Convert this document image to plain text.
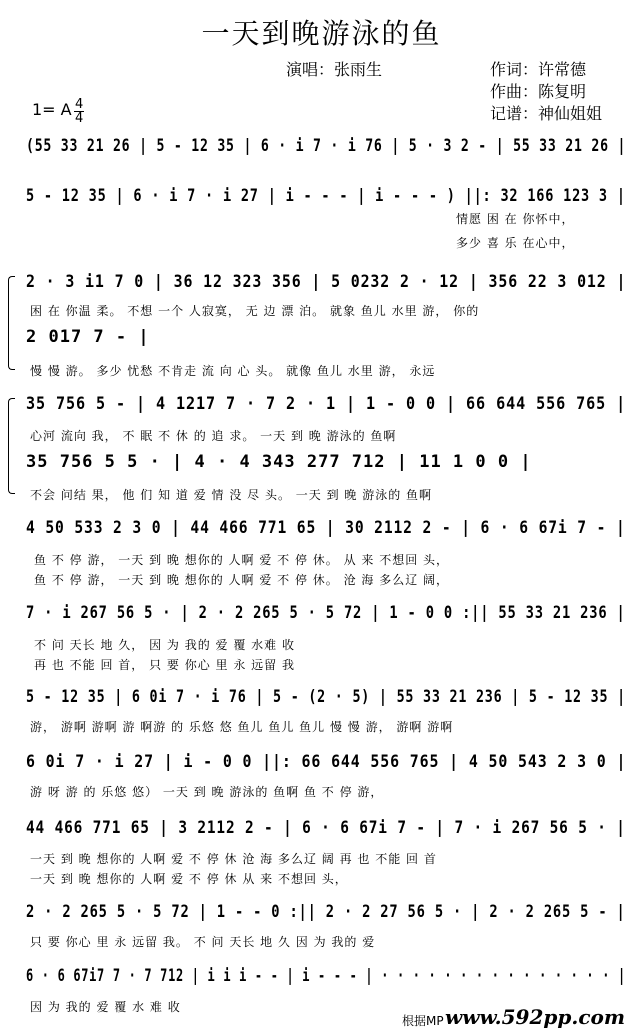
一天到晚游泳的鱼
演唱：张雨生	作词：许常德
作曲：陈复明
记谱：神仙姐姐
1= A 4
4
(55 33 21 26 | 5 - 12 35 | 6 · i 7 · i 76 | 5 · 3 2 - | 55 33 21 26 |
5 - 12 35 | 6 · i 7 · i 27 | i - - - | i - - - ) ||: 32 166 123 3 |
情愿 困 在 你怀中，
多少 喜 乐 在心中，
2 · 3 i1 7 0 | 36 12 323 356 | 5 0232 2 · 12 | 356 22 3 012 |
困 在 你温 柔。 不想 一个 人寂寞， 无 边 漂 泊。 就象 鱼儿 水里 游， 你的
2 017 7 - |
慢 慢 游。 多少 忧愁 不肯走 流 向 心 头。 就像 鱼儿 水里 游， 永远
35 756 5 - | 4 1217 7 · 7 2 · 1 | 1 - 0 0 | 66 644 556 765 |
心河 流向 我， 不 眠 不 休 的 追 求。 一天 到 晚 游泳的 鱼啊
35 756 5 5 · | 4 · 4 343 277 712 | 11 1 0 0 |
不会 问结 果， 他 们 知 道 爱 情 没 尽 头。 一天 到 晚 游泳的 鱼啊
4 50 533 2 3 0 | 44 466 771 65 | 30 2112 2 - | 6 · 6 67i 7 - |
鱼 不 停 游， 一天 到 晚 想你的 人啊 爱 不 停 休。 从 来 不想回 头，
鱼 不 停 游， 一天 到 晚 想你的 人啊 爱 不 停 休。 沧 海 多么辽 阔，
7 · i 267 56 5 · | 2 · 2 265 5 · 5 72 | 1 - 0 0 :|| 55 33 21 236 |
不 问 天长 地 久， 因 为 我的 爱 覆 水难 收
再 也 不能 回 首， 只 要 你心 里 永 远留 我
5 - 12 35 | 6 0i 7 · i 76 | 5 - (2 · 5) | 55 33 21 236 | 5 - 12 35 |
游， 游啊 游啊 游 啊游 的 乐悠 悠 鱼儿 鱼儿 鱼儿 慢 慢 游， 游啊 游啊
6 0i 7 · i 27 | i - 0 0 ||: 66 644 556 765 | 4 50 543 2 3 0 |
游 呀 游 的 乐悠 悠） 一天 到 晚 游泳的 鱼啊 鱼 不 停 游，
44 466 771 65 | 3 2112 2 - | 6 · 6 67i 7 - | 7 · i 267 56 5 · |
一天 到 晚 想你的 人啊 爱 不 停 休 沧 海 多么辽 阔 再 也 不能 回 首
一天 到 晚 想你的 人啊 爱 不 停 休 从 来 不想回 头，
2 · 2 265 5 · 5 72 | 1 - - 0 :|| 2 · 2 27 56 5 · | 2 · 2 265 5 - |
只 要 你心 里 永 远留 我。 不 问 天长 地 久 因 为 我的 爱
6 · 6 67i7 7 · 7 712 | i i i - - | i - - - | · · · · · · · · · · · · · · · |
因 为 我的 爱 覆 水 难 收
根据MP www.592pp.com
